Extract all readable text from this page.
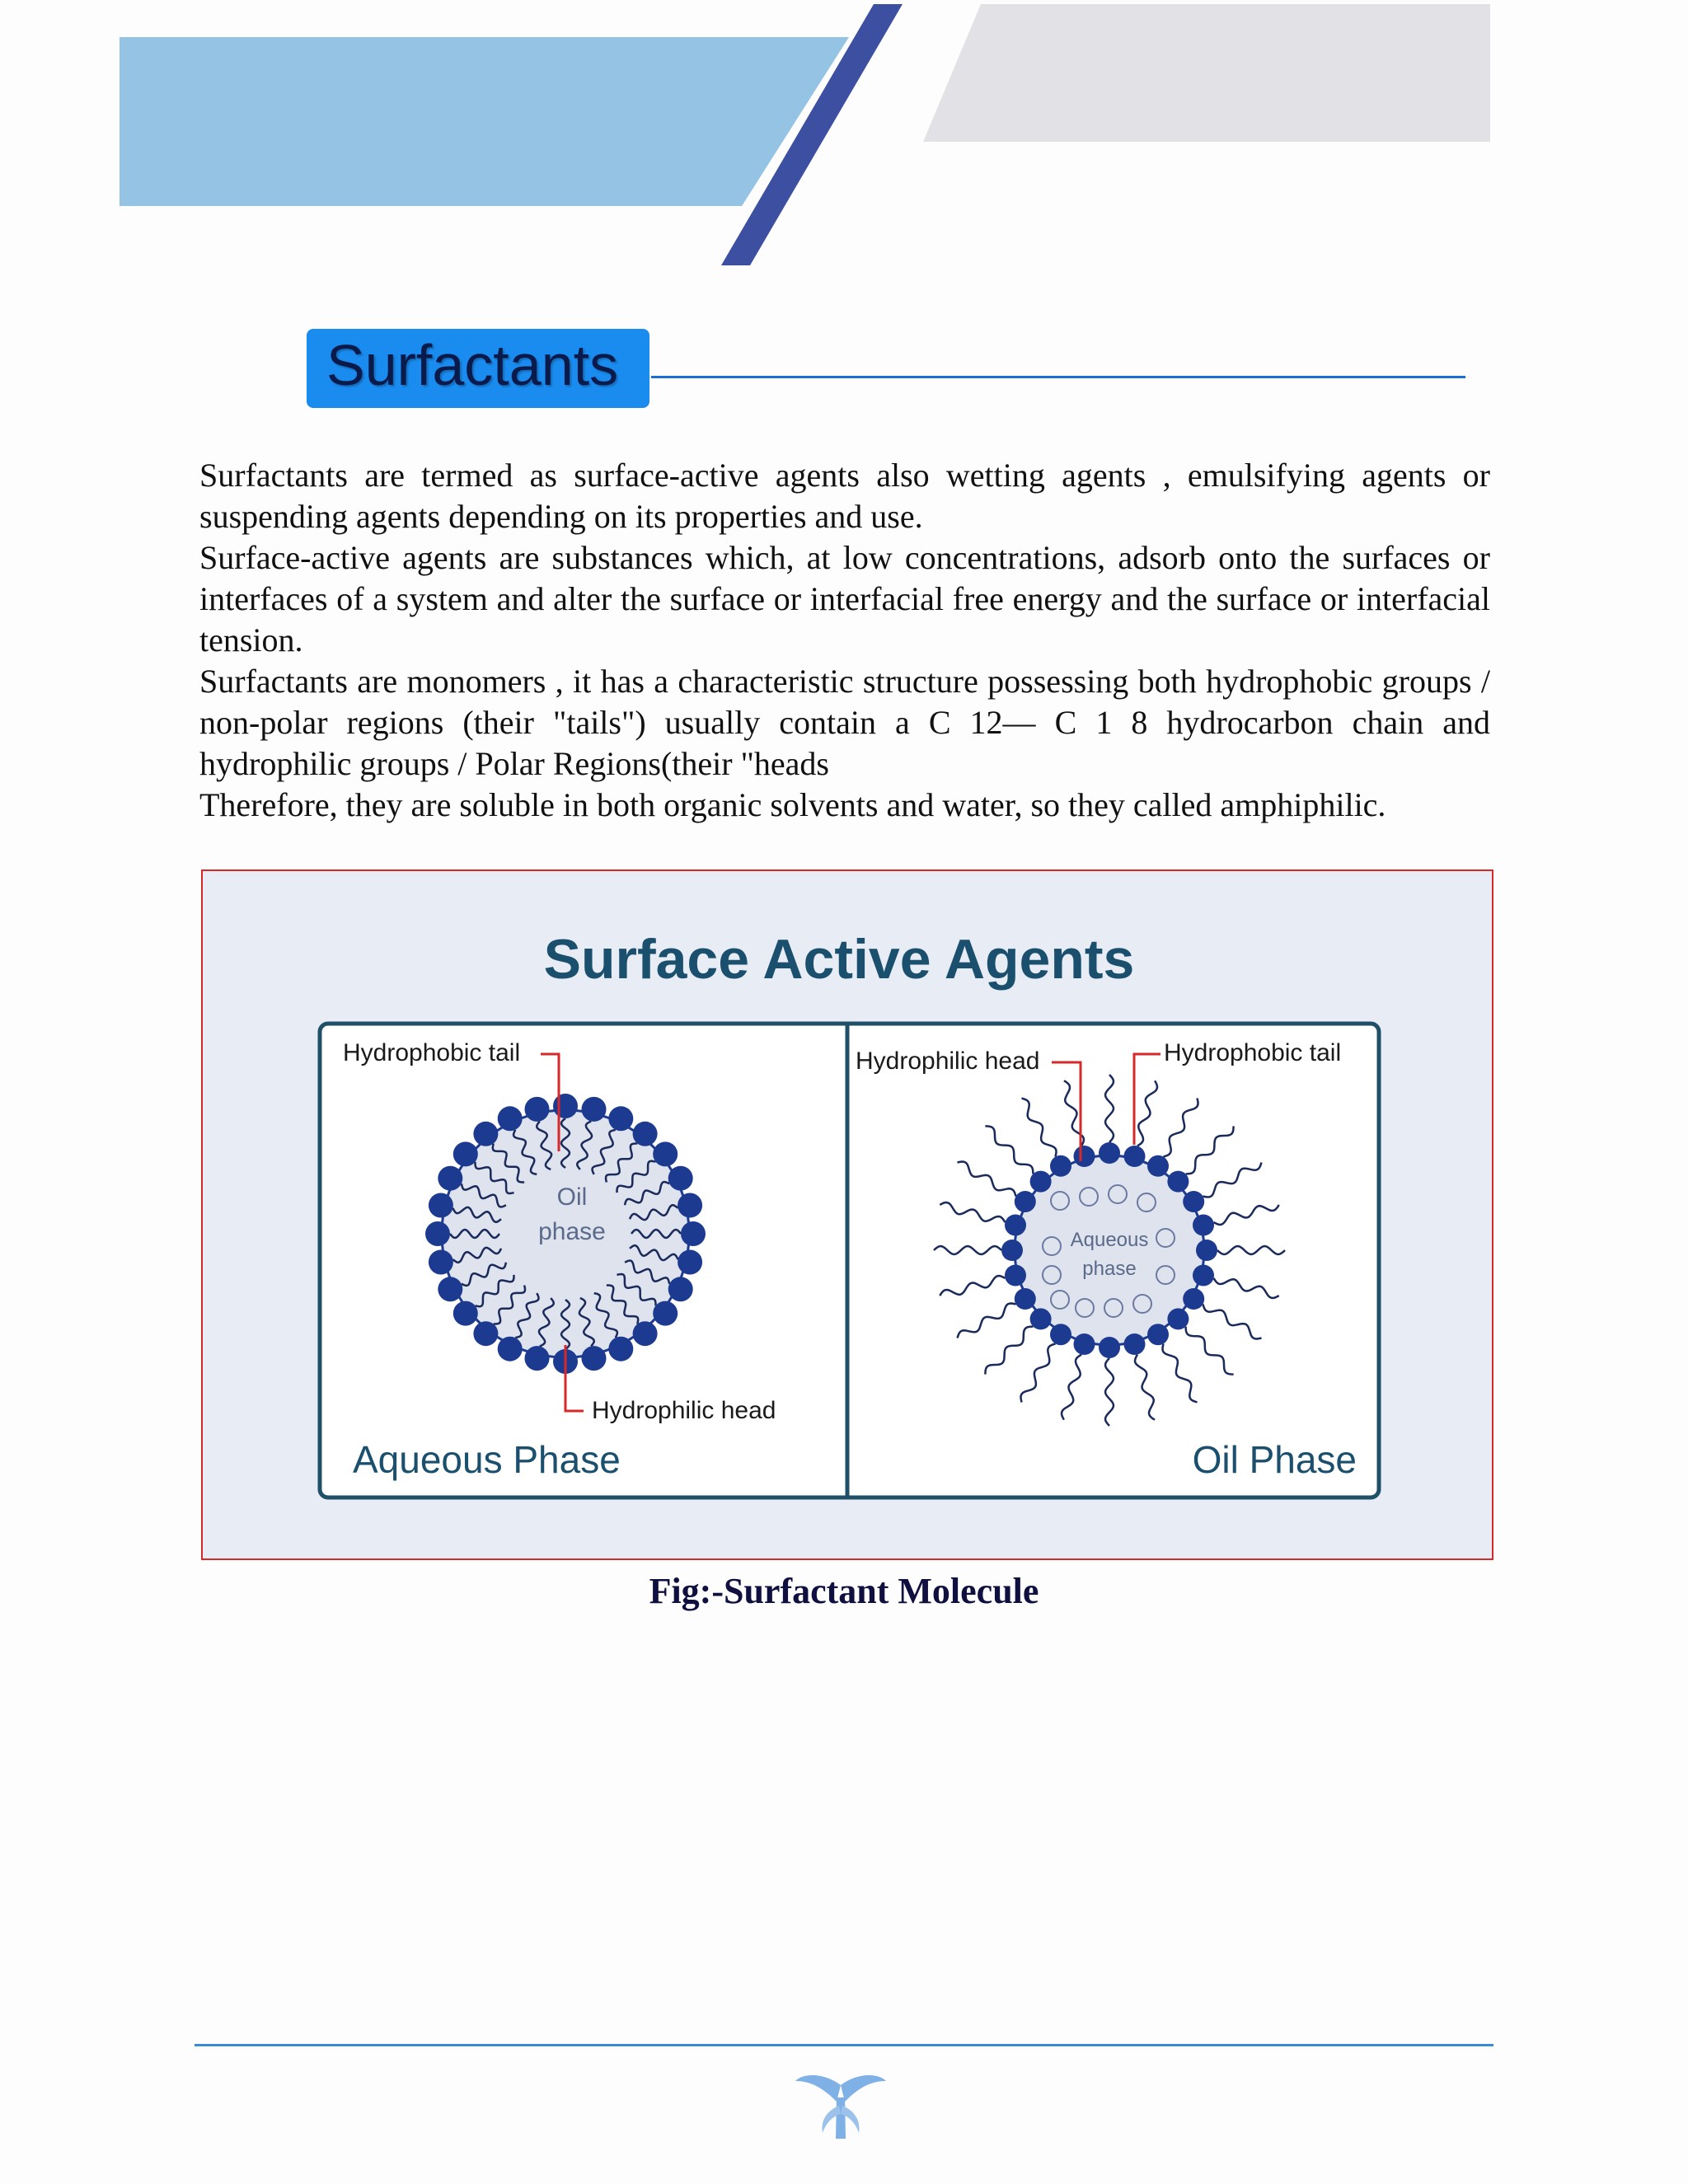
Surfactants

Surfactants are termed as surface-active agents also wetting agents , emulsifying agents or suspending agents depending on its properties and use.

Surface-active agents are substances which, at low concentrations, adsorb onto the surfaces or interfaces of a system and alter the surface or interfacial free energy and the surface or interfacial tension.

Surfactants are monomers , it has a characteristic structure possessing both hydrophobic groups / non-polar regions (their "tails") usually contain a C 12— C 1 8 hydrocarbon chain and hydrophilic groups / Polar Regions(their "heads

Therefore, they are soluble in both organic solvents and water, so they called amphiphilic.

Surface Active Agents
Oil
phase
Hydrophobic tail
Hydrophilic head
Aqueous Phase
Aqueous
phase
Hydrophilic head	Hydrophobic tail
Oil Phase
Fig:-Surfactant Molecule
